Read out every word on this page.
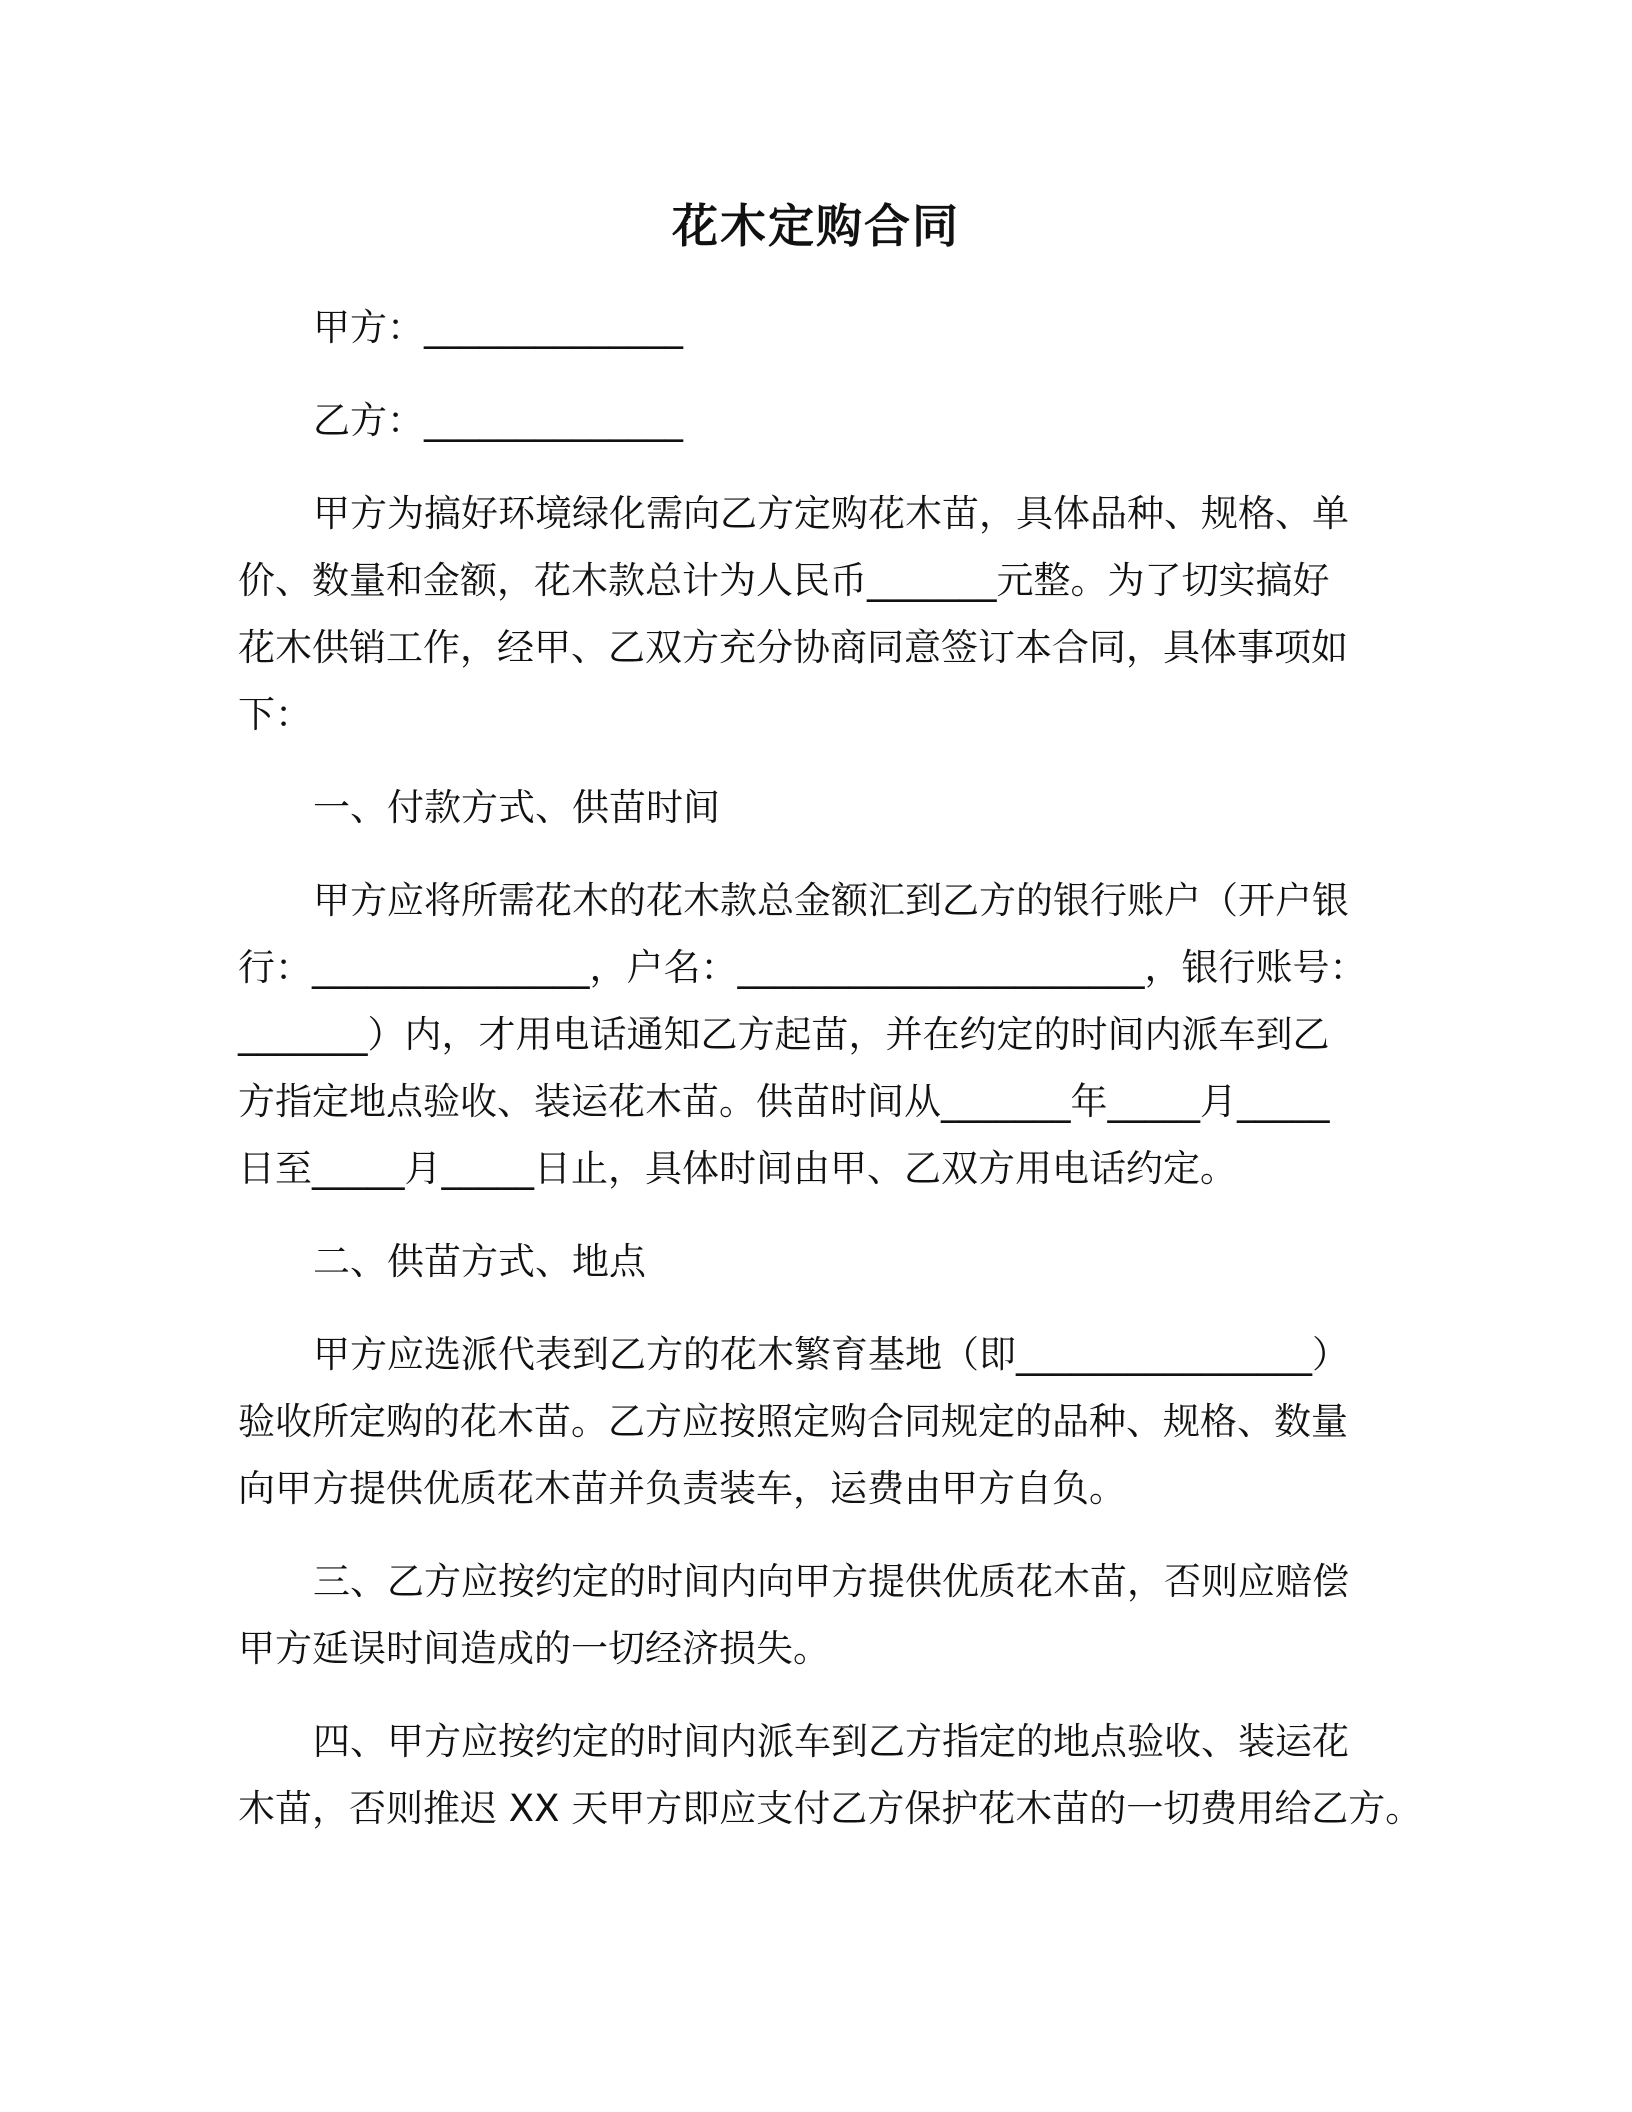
花木定购合同
甲方：______________
乙方：______________
甲方为搞好环境绿化需向乙方定购花木苗，具体品种、规格、单
价、数量和金额，花木款总计为人民币_______元整。为了切实搞好
花木供销工作，经甲、乙双方充分协商同意签订本合同，具体事项如
下：
一、付款方式、供苗时间
甲方应将所需花木的花木款总金额汇到乙方的银行账户（开户银
行：_______________，户名：______________________，银行账号：
_______）内，才用电话通知乙方起苗，并在约定的时间内派车到乙
方指定地点验收、装运花木苗。供苗时间从_______年_____月_____
日至_____月_____日止，具体时间由甲、乙双方用电话约定。
二、供苗方式、地点
甲方应选派代表到乙方的花木繁育基地（即________________）
验收所定购的花木苗。乙方应按照定购合同规定的品种、规格、数量
向甲方提供优质花木苗并负责装车，运费由甲方自负。
三、乙方应按约定的时间内向甲方提供优质花木苗，否则应赔偿
甲方延误时间造成的一切经济损失。
四、甲方应按约定的时间内派车到乙方指定的地点验收、装运花
木苗，否则推迟 XX 天甲方即应支付乙方保护花木苗的一切费用给乙方。
